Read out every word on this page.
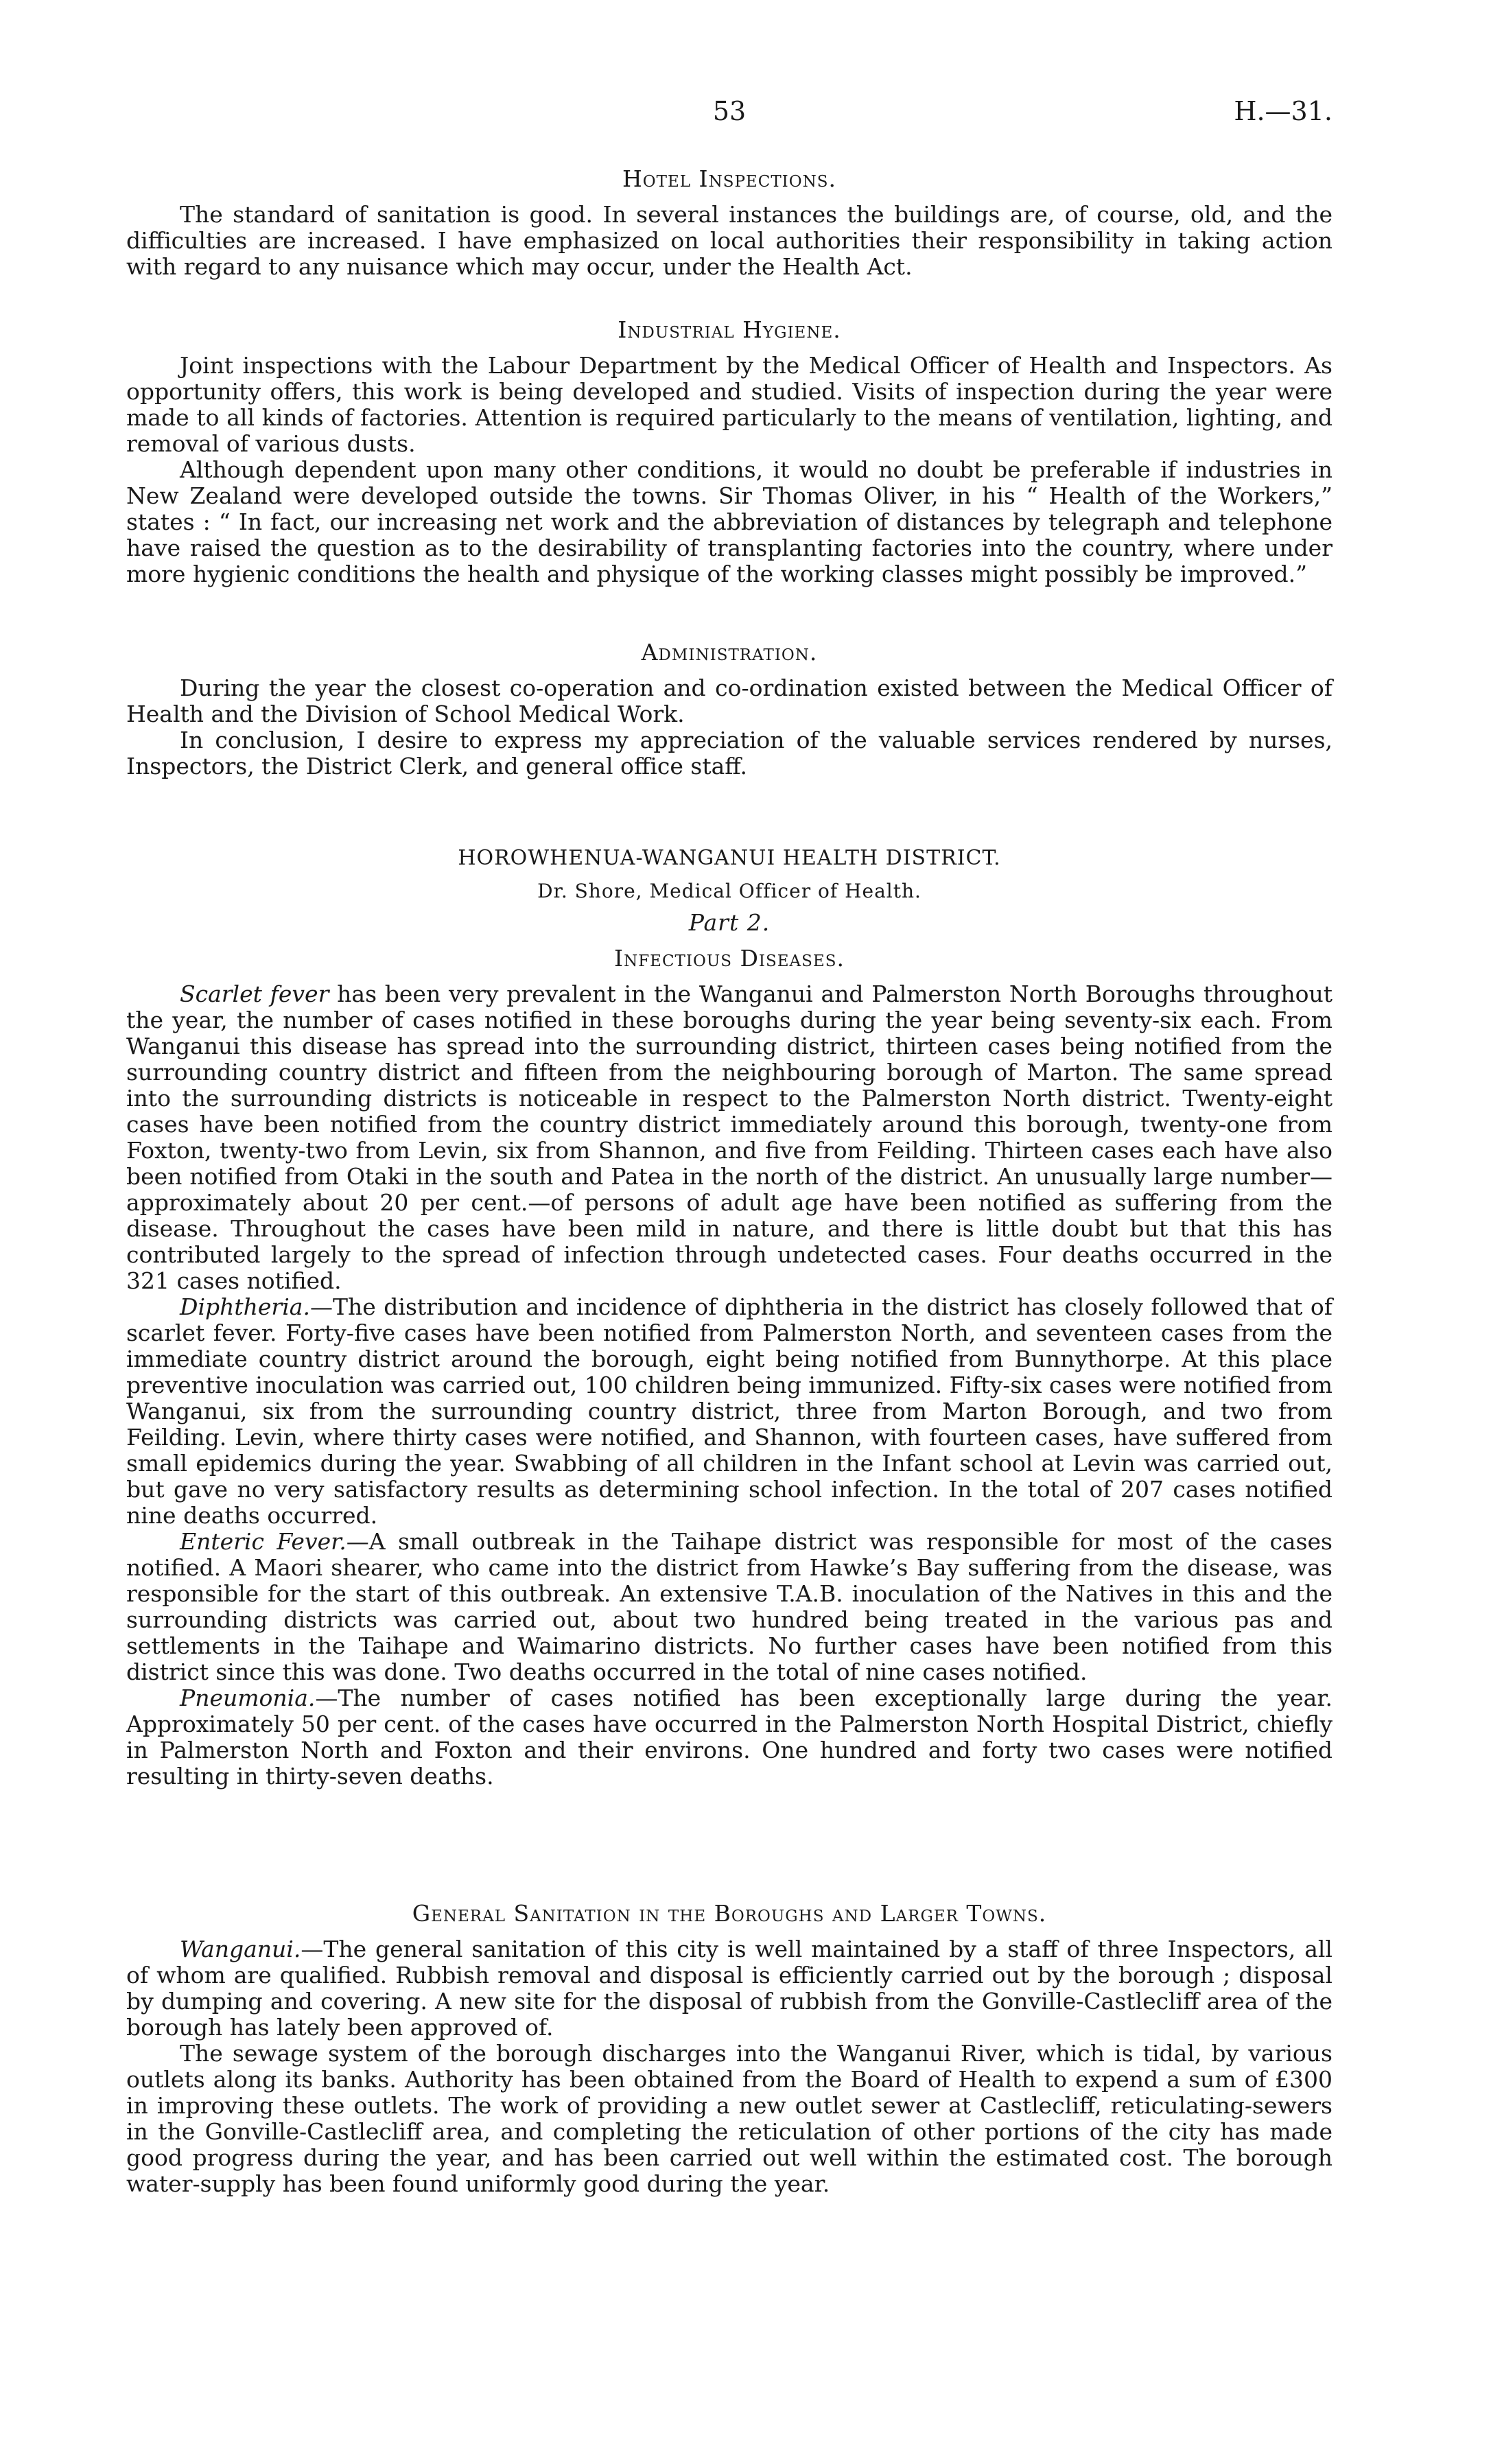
53	H.—31.
Hotel Inspections.

The standard of sanitation is good. In several instances the buildings are, of course, old, and the difficulties are increased. I have emphasized on local authorities their responsibility in taking action with regard to any nuisance which may occur, under the Health Act.

Industrial Hygiene.

Joint inspections with the Labour Department by the Medical Officer of Health and Inspectors. As opportunity offers, this work is being developed and studied. Visits of inspection during the year were made to all kinds of factories. Attention is required particularly to the means of ventilation, lighting, and removal of various dusts.

Although dependent upon many other conditions, it would no doubt be preferable if industries in New Zealand were developed outside the towns. Sir Thomas Oliver, in his “ Health of the Workers,” states : “ In fact, our increasing net work and the abbreviation of distances by telegraph and telephone have raised the question as to the desirability of transplanting factories into the country, where under more hygienic conditions the health and physique of the working classes might possibly be improved.”

Administration.

During the year the closest co-operation and co-ordination existed between the Medical Officer of Health and the Division of School Medical Work.

In conclusion, I desire to express my appreciation of the valuable services rendered by nurses, Inspectors, the District Clerk, and general office staff.

HOROWHENUA-WANGANUI HEALTH DISTRICT.
Dr. Shore, Medical Officer of Health.
Part 2.
Infectious Diseases.

Scarlet fever has been very prevalent in the Wanganui and Palmerston North Boroughs throughout the year, the number of cases notified in these boroughs during the year being seventy-six each. From Wanganui this disease has spread into the surrounding district, thirteen cases being notified from the surrounding country district and fifteen from the neighbouring borough of Marton. The same spread into the surrounding districts is noticeable in respect to the Palmerston North district. Twenty-eight cases have been notified from the country district immediately around this borough, twenty-one from Foxton, twenty-two from Levin, six from Shannon, and five from Feilding. Thirteen cases each have also been notified from Otaki in the south and Patea in the north of the district. An unusually large number—approximately about 20 per cent.—of persons of adult age have been notified as suffering from the disease. Throughout the cases have been mild in nature, and there is little doubt but that this has contributed largely to the spread of infection through undetected cases. Four deaths occurred in the 321 cases notified.

Diphtheria.—The distribution and incidence of diphtheria in the district has closely followed that of scarlet fever. Forty-five cases have been notified from Palmerston North, and seventeen cases from the immediate country district around the borough, eight being notified from Bunnythorpe. At this place preventive inoculation was carried out, 100 children being immunized. Fifty-six cases were notified from Wanganui, six from the surrounding country district, three from Marton Borough, and two from Feilding. Levin, where thirty cases were notified, and Shannon, with fourteen cases, have suffered from small epidemics during the year. Swabbing of all children in the Infant school at Levin was carried out, but gave no very satisfactory results as determining school infection. In the total of 207 cases notified nine deaths occurred.

Enteric Fever.—A small outbreak in the Taihape district was responsible for most of the cases notified. A Maori shearer, who came into the district from Hawke’s Bay suffering from the disease, was responsible for the start of this outbreak. An extensive T.A.B. inoculation of the Natives in this and the surrounding districts was carried out, about two hundred being treated in the various pas and settlements in the Taihape and Waimarino districts. No further cases have been notified from this district since this was done. Two deaths occurred in the total of nine cases notified.

Pneumonia.—The number of cases notified has been exceptionally large during the year. Approximately 50 per cent. of the cases have occurred in the Palmerston North Hospital District, chiefly in Palmerston North and Foxton and their environs. One hundred and forty two cases were notified resulting in thirty-seven deaths.

General Sanitation in the Boroughs and Larger Towns.

Wanganui.—The general sanitation of this city is well maintained by a staff of three Inspectors, all of whom are qualified. Rubbish removal and disposal is efficiently carried out by the borough ; disposal by dumping and covering. A new site for the disposal of rubbish from the Gonville-Castlecliff area of the borough has lately been approved of.

The sewage system of the borough discharges into the Wanganui River, which is tidal, by various outlets along its banks. Authority has been obtained from the Board of Health to expend a sum of £300 in improving these outlets. The work of providing a new outlet sewer at Castlecliff, reticulating-sewers in the Gonville-Castlecliff area, and completing the reticulation of other portions of the city has made good progress during the year, and has been carried out well within the estimated cost. The borough water-supply has been found uniformly good during the year.
